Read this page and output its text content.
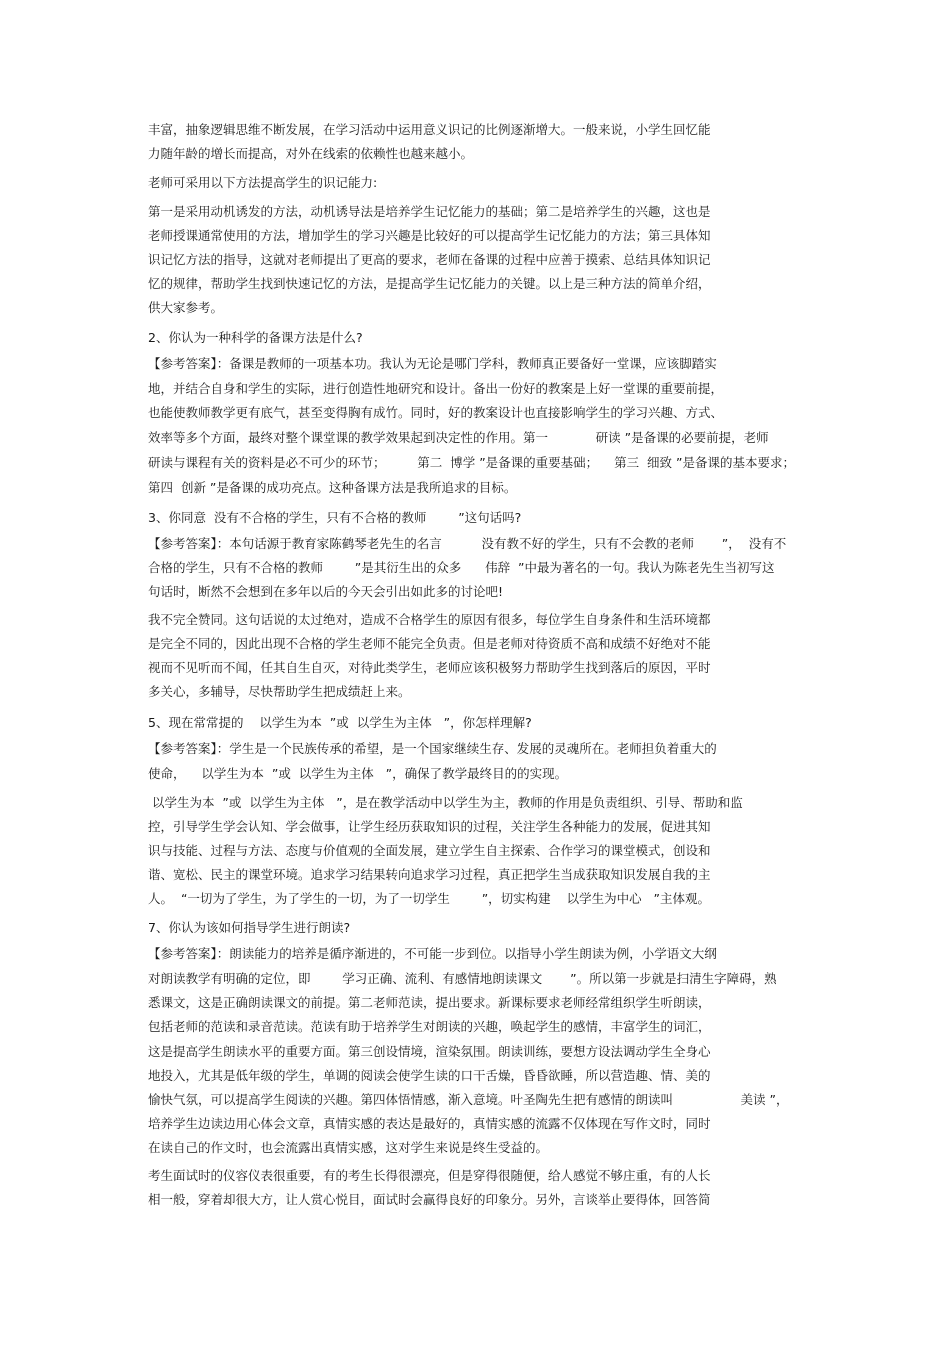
丰富，抽象逻辑思维不断发展，在学习活动中运用意义识记的比例逐渐增大。一般来说，小学生回忆能
力随年龄的增长而提高，对外在线索的依赖性也越来越小。
老师可采用以下方法提高学生的识记能力:
第一是采用动机诱发的方法，动机诱导法是培养学生记忆能力的基础；第二是培养学生的兴趣，这也是
老师授课通常使用的方法，增加学生的学习兴趣是比较好的可以提高学生记忆能力的方法；第三具体知
识记忆方法的指导，这就对老师提出了更高的要求，老师在备课的过程中应善于摸索、总结具体知识记
忆的规律，帮助学生找到快速记忆的方法，是提高学生记忆能力的关键。以上是三种方法的简单介绍，
供大家参考。
2、你认为一种科学的备课方法是什么?
【参考答案】：备课是教师的一项基本功。我认为无论是哪门学科，教师真正要备好一堂课，应该脚踏实
地，并结合自身和学生的实际，进行创造性地研究和设计。备出一份好的教案是上好一堂课的重要前提，
也能使教师教学更有底气，甚至变得胸有成竹。同时，好的教案设计也直接影响学生的学习兴趣、方式、
效率等多个方面，最终对整个课堂课的教学效果起到决定性的作用。第一            研读 ”是备课的必要前提，老师
研读与课程有关的资料是必不可少的环节；        第二  博学 ”是备课的重要基础；    第三  细致 ”是备课的基本要求；
第四  创新 ”是备课的成功亮点。这种备课方法是我所追求的目标。
3、你同意  没有不合格的学生，只有不合格的教师        ”这句话吗?
【参考答案】：本句话源于教育家陈鹤琴老先生的名言          没有教不好的学生，只有不会教的老师       ”，  没有不
合格的学生，只有不合格的教师        ”是其衍生出的众多      伟辞  ”中最为著名的一句。我认为陈老先生当初写这
句话时，断然不会想到在多年以后的今天会引出如此多的讨论吧!
我不完全赞同。这句话说的太过绝对，造成不合格学生的原因有很多，每位学生自身条件和生活环境都
是完全不同的，因此出现不合格的学生老师不能完全负责。但是老师对待资质不高和成绩不好绝对不能
视而不见听而不闻，任其自生自灭，对待此类学生，老师应该积极努力帮助学生找到落后的原因，平时
多关心，多辅导，尽快帮助学生把成绩赶上来。
5、现在常常提的    以学生为本  ”或  以学生为主体   ”，你怎样理解?
【参考答案】：学生是一个民族传承的希望，是一个国家继续生存、发展的灵魂所在。老师担负着重大的
使命，    以学生为本  ”或  以学生为主体   ”，确保了教学最终目的的实现。
以学生为本  ”或  以学生为主体   ”，是在教学活动中以学生为主，教师的作用是负责组织、引导、帮助和监
控，引导学生学会认知、学会做事，让学生经历获取知识的过程，关注学生各种能力的发展，促进其知
识与技能、过程与方法、态度与价值观的全面发展，建立学生自主探索、合作学习的课堂模式，创设和
谐、宽松、民主的课堂环境。追求学习结果转向追求学习过程，真正把学生当成获取知识发展自我的主
人。  “一切为了学生，为了学生的一切，为了一切学生        ”，切实构建    以学生为中心   ”主体观。
7、你认为该如何指导学生进行朗读?
【参考答案】：朗读能力的培养是循序渐进的，不可能一步到位。以指导小学生朗读为例，小学语文大纲
对朗读教学有明确的定位，即        学习正确、流利、有感情地朗读课文       ”。所以第一步就是扫清生字障碍，熟
悉课文，这是正确朗读课文的前提。第二老师范读，提出要求。新课标要求老师经常组织学生听朗读，
包括老师的范读和录音范读。范读有助于培养学生对朗读的兴趣，唤起学生的感情，丰富学生的词汇，
这是提高学生朗读水平的重要方面。第三创设情境，渲染氛围。朗读训练，要想方设法调动学生全身心
地投入，尤其是低年级的学生，单调的阅读会使学生读的口干舌燥，昏昏欲睡，所以营造趣、情、美的
愉快气氛，可以提高学生阅读的兴趣。第四体悟情感，渐入意境。叶圣陶先生把有感情的朗读叫                 美读 ”，
培养学生边读边用心体会文章，真情实感的表达是最好的，真情实感的流露不仅体现在写作文时，同时
在读自己的作文时，也会流露出真情实感，这对学生来说是终生受益的。
考生面试时的仪容仪表很重要，有的考生长得很漂亮，但是穿得很随便，给人感觉不够庄重，有的人长
相一般，穿着却很大方，让人赏心悦目，面试时会赢得良好的印象分。另外，言谈举止要得体，回答简
